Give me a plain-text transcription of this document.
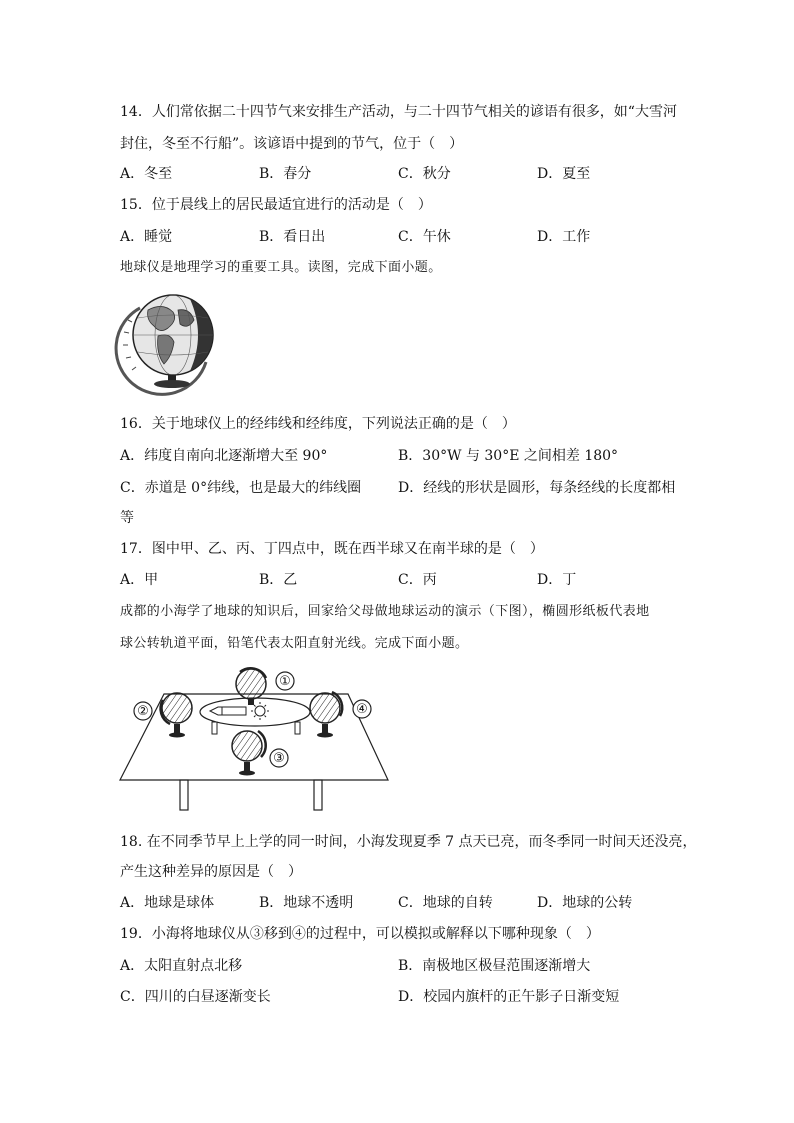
14．人们常依据二十四节气来安排生产活动，与二十四节气相关的谚语有很多，如“大雪河
封住，冬至不行船”。该谚语中提到的节气，位于（　）
A．冬至	B．春分	C．秋分	D．夏至
15．位于晨线上的居民最适宜进行的活动是（　）
A．睡觉	B．看日出	C．午休	D．工作
地球仪是地理学习的重要工具。读图，完成下面小题。
16．关于地球仪上的经纬线和经纬度，下列说法正确的是（　）
A．纬度自南向北逐渐增大至 90°	B．30°W 与 30°E 之间相差 180°
C．赤道是 0°纬线，也是最大的纬线圈	D．经线的形状是圆形，每条经线的长度都相
等
17．图中甲、乙、丙、丁四点中，既在西半球又在南半球的是（　）
A．甲	B．乙	C．丙	D．丁
成都的小海学了地球的知识后，回家给父母做地球运动的演示（下图），椭圆形纸板代表地
球公转轨道平面，铅笔代表太阳直射光线。完成下面小题。
①
②
③
④
18. 在不同季节早上上学的同一时间，小海发现夏季 7 点天已亮，而冬季同一时间天还没亮，
产生这种差异的原因是（　）
A．地球是球体	B．地球不透明	C．地球的自转	D．地球的公转
19．小海将地球仪从③移到④的过程中，可以模拟或解释以下哪种现象（　）
A．太阳直射点北移	B．南极地区极昼范围逐渐增大
C．四川的白昼逐渐变长	D．校园内旗杆的正午影子日渐变短
